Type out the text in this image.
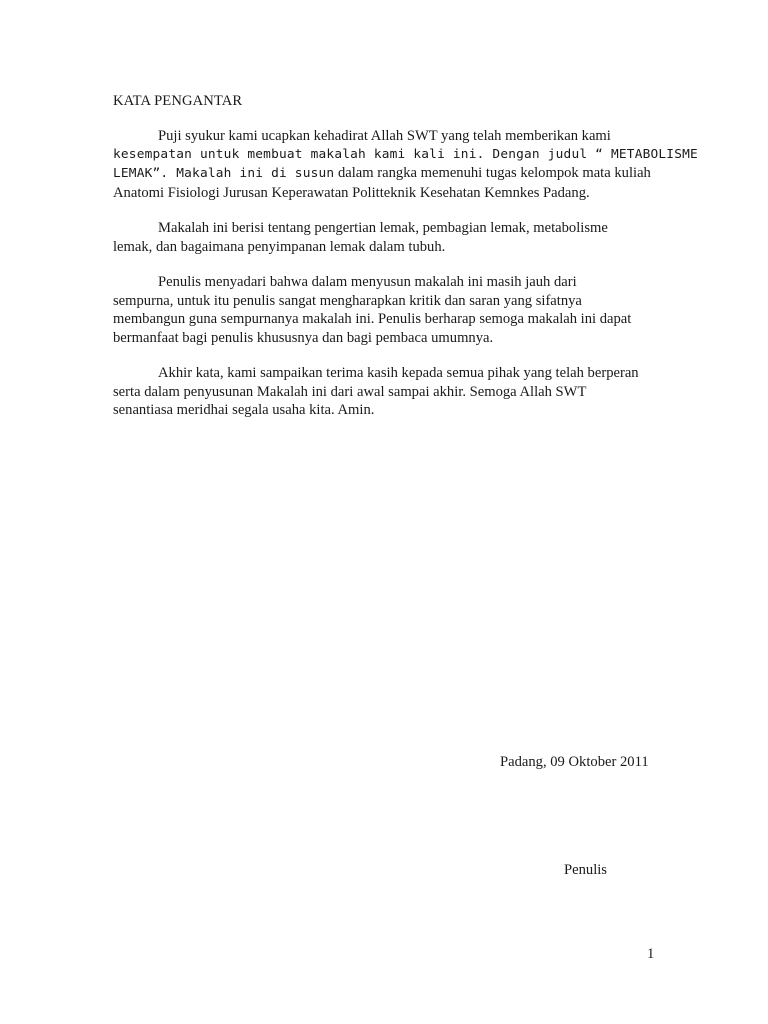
KATA PENGANTAR

Puji syukur kami ucapkan kehadirat Allah SWT yang telah memberikan kami
kesempatan untuk membuat makalah kami kali ini. Dengan judul “ METABOLISME
LEMAK”. Makalah ini di susun dalam rangka memenuhi tugas kelompok mata kuliah
Anatomi Fisiologi Jurusan Keperawatan Politteknik Kesehatan Kemnkes Padang.

Makalah ini berisi tentang pengertian lemak, pembagian lemak, metabolisme
lemak, dan bagaimana penyimpanan lemak dalam tubuh.

Penulis menyadari bahwa dalam menyusun makalah ini masih jauh dari
sempurna, untuk itu penulis sangat mengharapkan kritik dan saran yang sifatnya
membangun guna sempurnanya makalah ini. Penulis berharap semoga makalah ini dapat
bermanfaat bagi penulis khususnya dan bagi pembaca umumnya.

Akhir kata, kami sampaikan terima kasih kepada semua pihak yang telah berperan
serta dalam penyusunan Makalah ini dari awal sampai akhir. Semoga Allah SWT
senantiasa meridhai segala usaha kita. Amin.

Padang, 09 Oktober 2011
Penulis
1
